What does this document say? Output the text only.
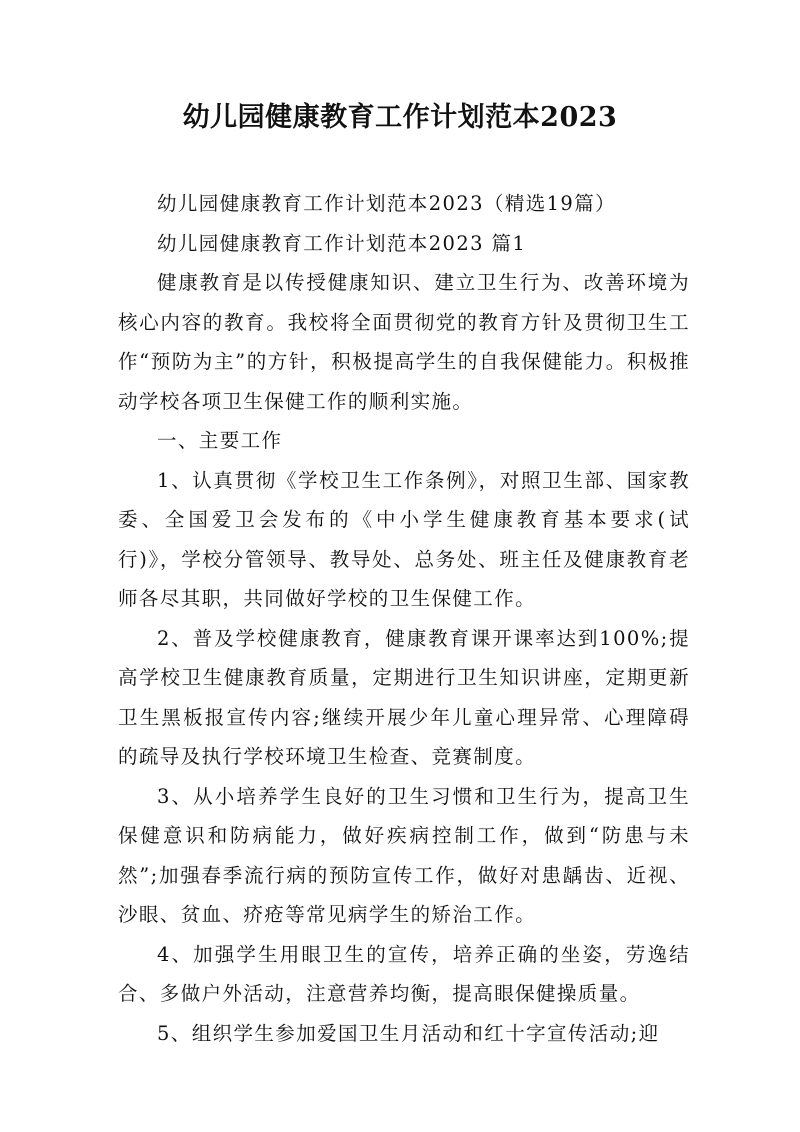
幼儿园健康教育工作计划范本2023

幼儿园健康教育工作计划范本2023（精选19篇）

幼儿园健康教育工作计划范本2023 篇1

健康教育是以传授健康知识、建立卫生行为、改善环境为核心内容的教育。我校将全面贯彻党的教育方针及贯彻卫生工作“预防为主”的方针，积极提高学生的自我保健能力。积极推动学校各项卫生保健工作的顺利实施。

一、主要工作

1、认真贯彻《学校卫生工作条例》，对照卫生部、国家教委、全国爱卫会发布的《中小学生健康教育基本要求(试行)》，学校分管领导、教导处、总务处、班主任及健康教育老师各尽其职，共同做好学校的卫生保健工作。

2、普及学校健康教育，健康教育课开课率达到100%;提高学校卫生健康教育质量，定期进行卫生知识讲座，定期更新卫生黑板报宣传内容;继续开展少年儿童心理异常、心理障碍的疏导及执行学校环境卫生检查、竞赛制度。

3、从小培养学生良好的卫生习惯和卫生行为，提高卫生保健意识和防病能力，做好疾病控制工作，做到“防患与未然”;加强春季流行病的预防宣传工作，做好对患龋齿、近视、沙眼、贫血、疥疮等常见病学生的矫治工作。

4、加强学生用眼卫生的宣传，培养正确的坐姿，劳逸结合、多做户外活动，注意营养均衡，提高眼保健操质量。

5、组织学生参加爱国卫生月活动和红十字宣传活动;迎
